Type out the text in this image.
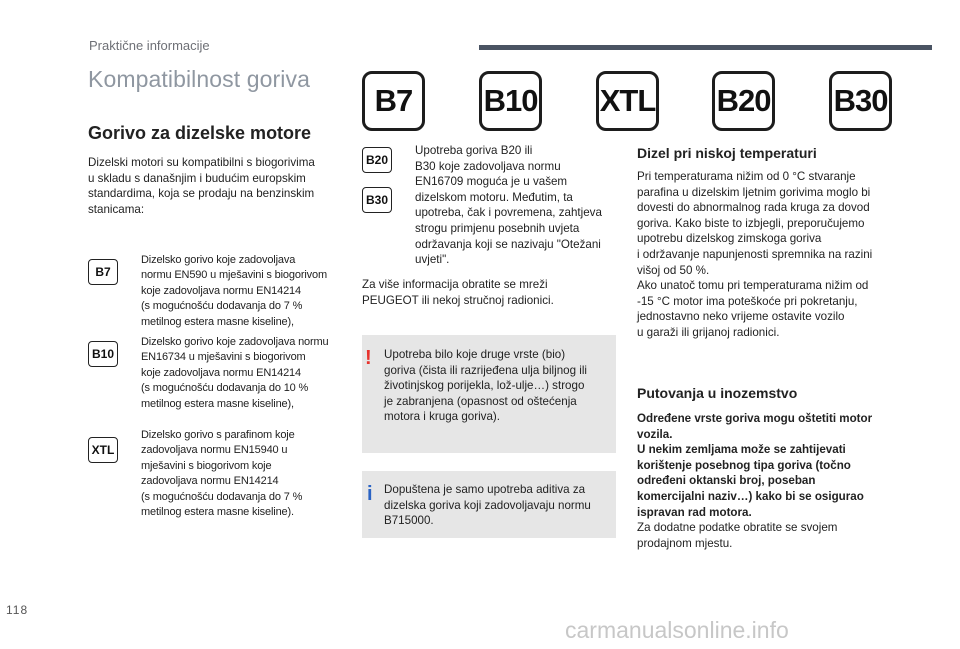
Praktične informacije
Kompatibilnost goriva
B7	B10 XTL B20 B30
Gorivo za dizelske motore
Dizelski motori su kompatibilni s biogorivima
u skladu s današnjim i budućim europskim
standardima, koja se prodaju na benzinskim
stanicama:
B7
Dizelsko gorivo koje zadovoljava
normu EN590 u mješavini s biogorivom
koje zadovoljava normu EN14214
(s mogućnošću dodavanja do 7 %
metilnog estera masne kiseline),
B10
Dizelsko gorivo koje zadovoljava normu
EN16734 u mješavini s biogorivom
koje zadovoljava normu EN14214
(s mogućnošću dodavanja do 10 %
metilnog estera masne kiseline),
XTL
Dizelsko gorivo s parafinom koje
zadovoljava normu EN15940 u
mješavini s biogorivom koje
zadovoljava normu EN14214
(s mogućnošću dodavanja do 7 %
metilnog estera masne kiseline).
B20
B30
Upotreba goriva B20 ili
B30 koje zadovoljava normu
EN16709 moguća je u vašem
dizelskom motoru. Međutim, ta
upotreba, čak i povremena, zahtjeva
strogu primjenu posebnih uvjeta
održavanja koji se nazivaju "Otežani
uvjeti".
Za više informacija obratite se mreži
PEUGEOT ili nekoj stručnoj radionici.
! Upotreba bilo koje druge vrste (bio)
goriva (čista ili razrijeđena ulja biljnog ili
životinjskog porijekla, lož-ulje…) strogo
je zabranjena (opasnost od oštećenja
motora i kruga goriva).
i Dopuštena je samo upotreba aditiva za
dizelska goriva koji zadovoljavaju normu
B715000.
Dizel pri niskoj temperaturi
Pri temperaturama nižim od 0 °C stvaranje
parafina u dizelskim ljetnim gorivima moglo bi
dovesti do abnormalnog rada kruga za dovod
goriva. Kako biste to izbjegli, preporučujemo
upotrebu dizelskog zimskoga goriva
i održavanje napunjenosti spremnika na razini
višoj od 50 %.
Ako unatoč tomu pri temperaturama nižim od
-15 °C motor ima poteškoće pri pokretanju,
jednostavno neko vrijeme ostavite vozilo
u garaži ili grijanoj radionici.
Putovanja u inozemstvo
Određene vrste goriva mogu oštetiti motor
vozila.
U nekim zemljama može se zahtijevati
korištenje posebnog tipa goriva (točno
određeni oktanski broj, poseban
komercijalni naziv…) kako bi se osigurao
ispravan rad motora.
Za dodatne podatke obratite se svojem
prodajnom mjestu.
118
carmanualsonline.info
